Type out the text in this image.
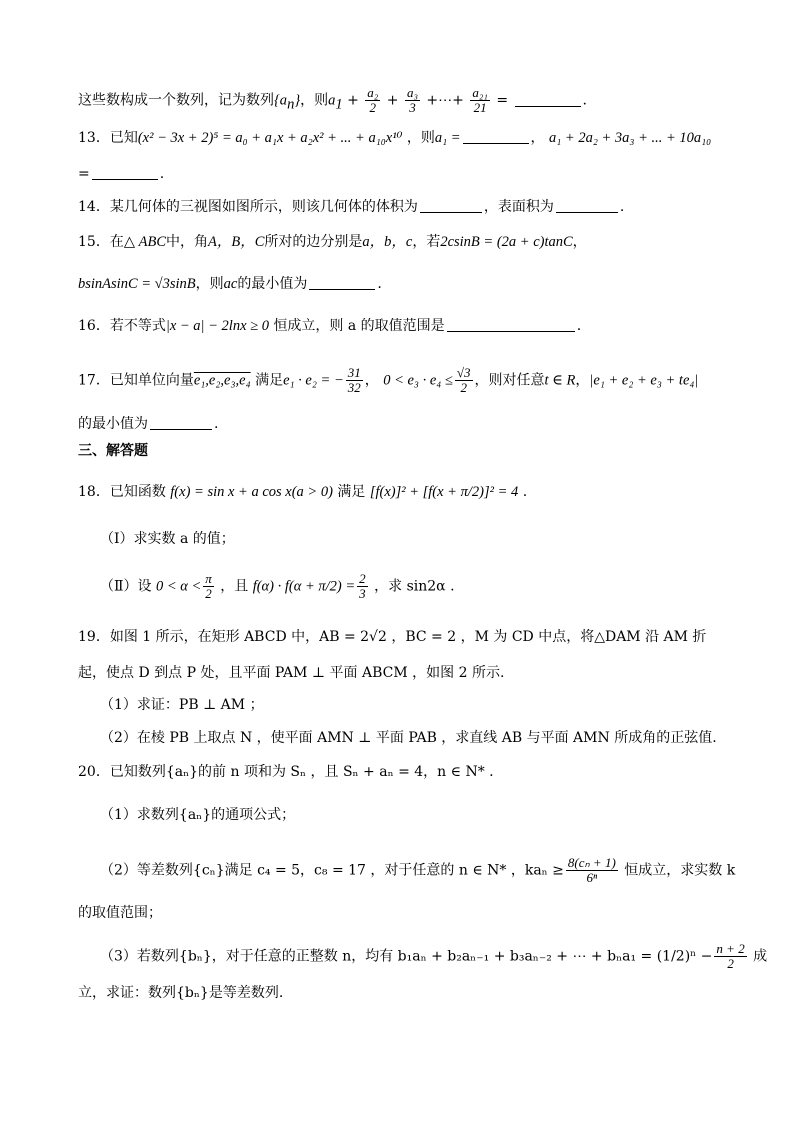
这些数构成一个数列，记为数列$\{a_n\}$，则$a_1 + \frac{\text{a₂}}{2} + \frac{\text{a₃}}{3}$ +⋯+ $\frac{\text{a₂₁}}{21}$ =	.
13．已知(x² − 3x + 2)⁵ = a₀ + a₁x + a₂x² + ... + a₁₀x¹⁰ ，则a₁ =	， a₁ + 2a₂ + 3a₃ + ... + 10a₁₀
=	.
14．某几何体的三视图如图所示，则该几何体的体积为	，表面积为	.
15．在△ ABC中，角A，B，C所对的边分别是a，b，c，若2csinB = (2a + c)tanC，
bsinAsinC = √3sinB，则ac的最小值为	.
16．若不等式|x − a| − 2lnx ≥ 0 恒成立，则 a 的取值范围是	.
17．已知单位向量e₁,e₂,e₃,e₄ 满足e₁ · e₂ = − $\frac{31}{32}$ ， $0 < e_3 \cdot e_4 \le \frac{√3}{2}$ ，则对任意t ∈ R，|e₁ + e₂ + e₃ + te₄|
的最小值为	.
三、解答题
18．已知函数 f(x) = sin x + a cos x(a > 0) 满足 [f(x)]² + [f(x + π/2)]² = 4 .
（Ⅰ）求实数 a 的值；
（Ⅱ）设 $0 < \alpha < \frac{\pi}{2}$ ，且 $f(\alpha) \cdot f(\alpha + \pi/2) = \frac{2}{3}$ ，求 sin2α .
19．如图 1 所示，在矩形 ABCD 中，AB = 2√2 ，BC = 2 ，M 为 CD 中点，将△DAM 沿 AM 折
起，使点 D 到点 P 处，且平面 PAM ⊥ 平面 ABCM ，如图 2 所示.
（1）求证：PB ⊥ AM ；
（2）在棱 PB 上取点 N ，使平面 AMN ⊥ 平面 PAB ，求直线 AB 与平面 AMN 所成角的正弦值.
20．已知数列{aₙ}的前 n 项和为 Sₙ ，且 Sₙ + aₙ = 4，n ∈ N* .
（1）求数列{aₙ}的通项公式；
（2）等差数列{cₙ}满足 c₄ = 5，c₈ = 17 ，对于任意的 n ∈ N* ，$ka_n \ge \frac{\text{8(cₙ + 1)}}{\text{6ⁿ}}$ 恒成立，求实数 k
的取值范围；
（3）若数列{bₙ}，对于任意的正整数 n，均有 b₁aₙ + b₂aₙ₋₁ + b₃aₙ₋₂ + ⋯ + $b_na_1 = (1/2)^n - \frac{n + 2}{2}$ 成
立，求证：数列{bₙ}是等差数列.
